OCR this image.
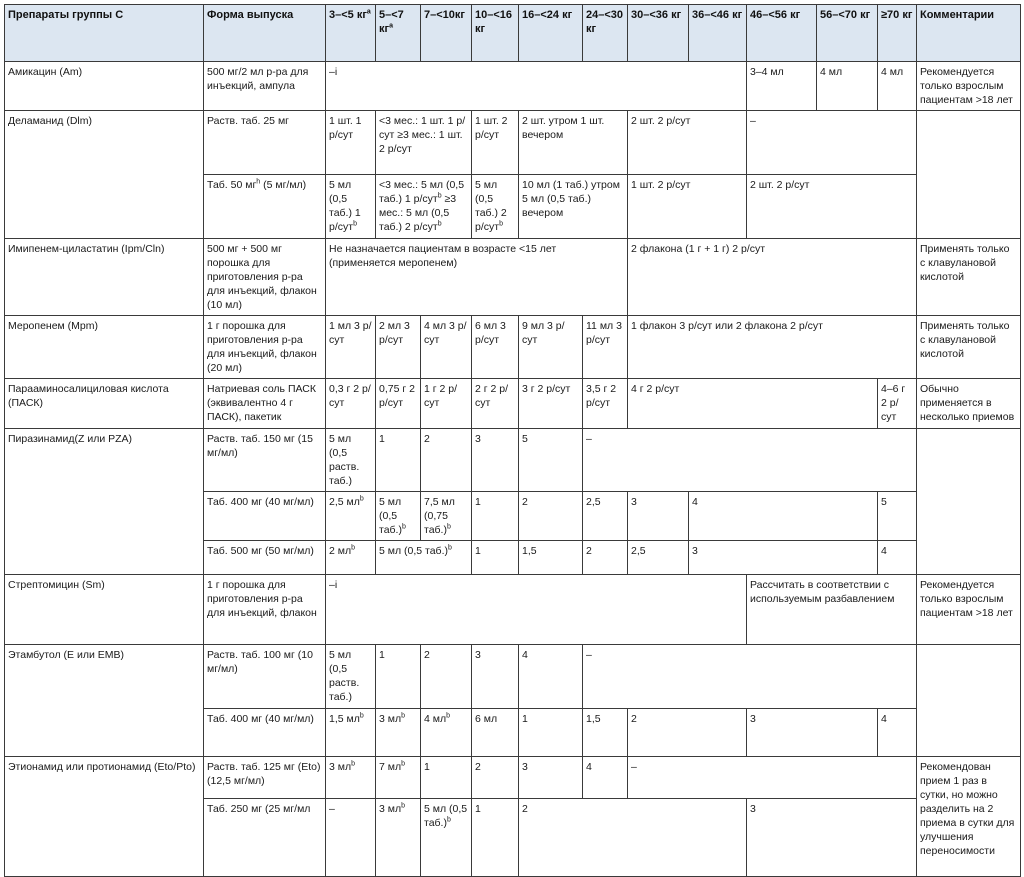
Препараты группы С	Форма выпуска	3–<5 $кг^a$	5–<7 $кг^a$	7–<10кг	10–<16 кг	16–<24 кг	24–<30 кг	30–<36 кг	36–<46 кг	46–<56 кг	56–<70 кг	≥70 кг	Комментарии	
Амикацин (Am)	500 мг/2 мл р-ра для инъекций, ампула	–i								3–4 мл	4 мл	4 мл	Рекомендуется только взрослым пациентам >18 лет	
Деламанид (Dlm)	Раств. таб. 25 мг	1 шт. 1 р/сут	<3 мес.: 1 шт. 1 р/сут ≥3 мес.: 1 шт. 2 р/сут		1 шт. 2 р/сут	2 шт. утром 1 шт. вечером		2 шт. 2 р/сут		–				
	Таб. 50 $мг^h$ (5 мг/мл)	5 мл (0,5 таб.) 1 р/сут$^b$	<3 мес.: 5 мл (0,5 таб.) 1 р/сут$^b$ ≥3 мес.: 5 мл (0,5 таб.) 2 р/сут$^b$		5 мл (0,5 таб.) 2 р/сут$^b$	10 мл (1 таб.) утром 5 мл (0,5 таб.) вечером		1 шт. 2 р/сут		2 шт. 2 р/сут				
Имипенем-циластатин (Ipm/Cln)	500 мг + 500 мг порошка для приготовления р-ра для инъекций, флакон (10 мл)	Не назначается пациентам в возрасте <15 лет (применяется меропенем)						2 флакона (1 г + 1 г) 2 р/сут					Применять только с клавулановой кислотой	
Меропенем (Mpm)	1 г порошка для приготовления р-ра для инъекций, флакон (20 мл)	1 мл 3 р/сут	2 мл 3 р/сут	4 мл 3 р/сут	6 мл 3 р/сут	9 мл 3 р/сут	11 мл 3 р/сут	1 флакон 3 р/сут или 2 флакона 2 р/сут					Применять только с клавулановой кислотой	
Парааминосалициловая кислота (ПАСК)	Натриевая соль ПАСК (эквивалентно 4 г ПАСК), пакетик	0,3 г 2 р/сут	0,75 г 2 р/сут	1 г 2 р/сут	2 г 2 р/сут	3 г 2 р/сут	3,5 г 2 р/сут	4 г 2 р/сут				4–6 г 2 р/сут	Обычно применяется в несколько приемов	
Пиразинамид(Z или PZA)	Раств. таб. 150 мг (15 мг/мл)	5 мл (0,5 раств. таб.)	1	2	3	5	–							
	Таб. 400 мг (40 мг/мл)	2,5 $мл^b$	5 мл (0,5 таб.)$^b$	7,5 мл (0,75 таб.)$^b$	1	2	2,5	3	4			5		
	Таб. 500 мг (50 мг/мл)	2 $мл^b$	5 мл (0,5 таб.)$^b$		1	1,5	2	2,5	3			4		
Стрептомицин (Sm)	1 г порошка для приготовления р-ра для инъекций, флакон	–i								Рассчитать в соответствии с используемым разбавлением			Рекомендуется только взрослым пациентам >18 лет	
Этамбутол (E или EMB)	Раств. таб. 100 мг (10 мг/мл)	5 мл (0,5 раств. таб.)	1	2	3	4	–							
	Таб. 400 мг (40 мг/мл)	1,5 $мл^b$	3 $мл^b$	4 $мл^b$	6 мл	1	1,5	2		3		4		
Этионамид или протионамид (Eto/Pto)	Раств. таб. 125 мг (Eto) (12,5 мг/мл)	3 $мл^b$	7 $мл^b$	1	2	3	4	–					Рекомендован прием 1 раз в сутки, но можно разделить на 2 приема в сутки для улучшения переносимости	
	Таб. 250 мг (25 мг/мл	–	3 $мл^b$	5 мл (0,5 таб.)$^b$	1	2				3	
